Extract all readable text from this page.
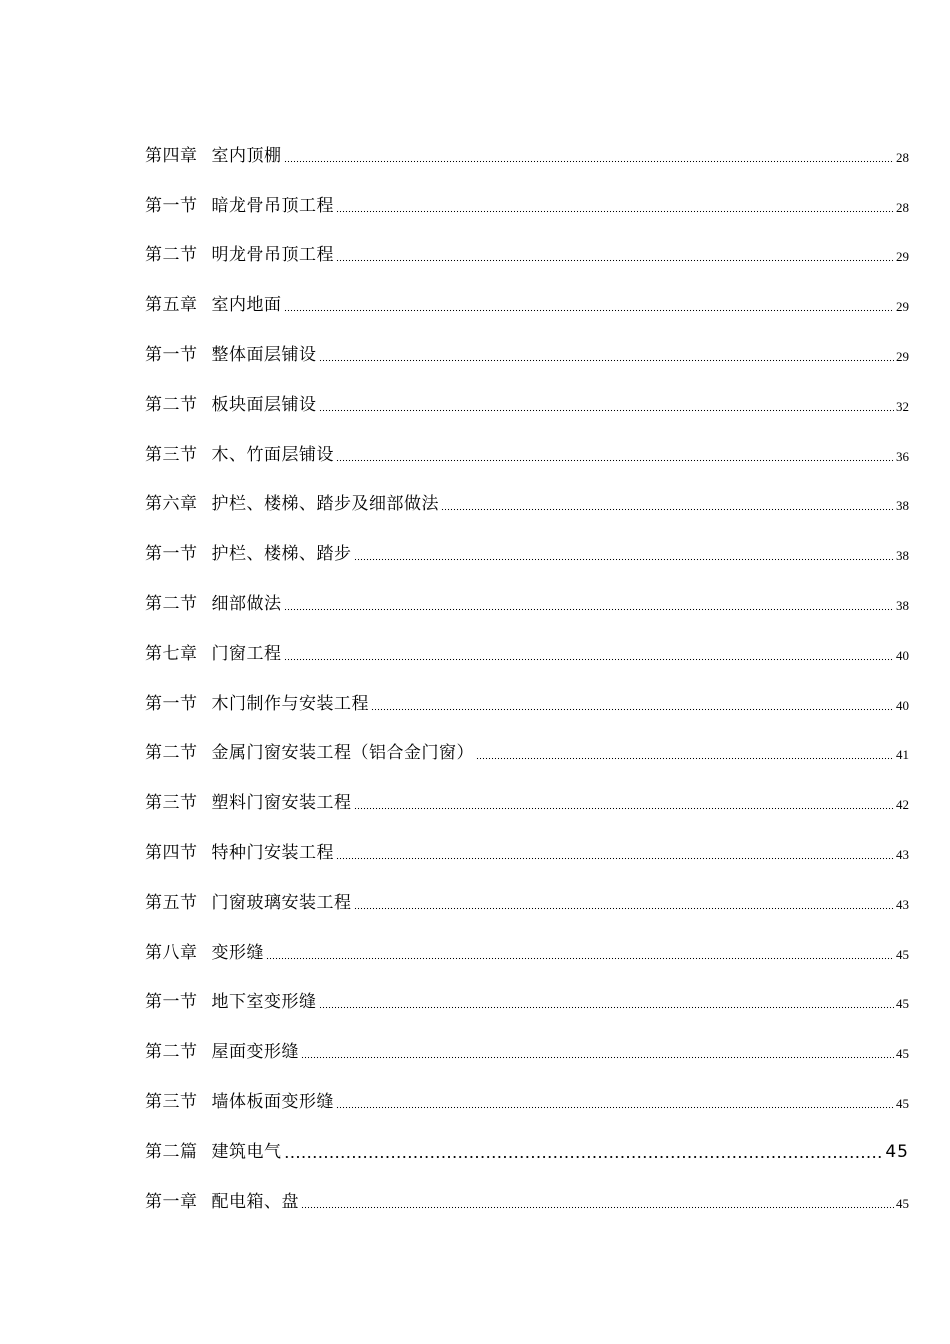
第四章 室内顶棚	28
第一节 暗龙骨吊顶工程	28
第二节 明龙骨吊顶工程	29
第五章 室内地面	29
第一节 整体面层铺设	29
第二节 板块面层铺设	32
第三节 木、竹面层铺设	36
第六章 护栏、楼梯、踏步及细部做法	38
第一节 护栏、楼梯、踏步	38
第二节 细部做法	38
第七章 门窗工程	40
第一节 木门制作与安装工程	40
第二节 金属门窗安装工程（铝合金门窗）	41
第三节 塑料门窗安装工程	42
第四节 特种门安装工程	43
第五节 门窗玻璃安装工程	43
第八章 变形缝	45
第一节 地下室变形缝	45
第二节 屋面变形缝	45
第三节 墙体板面变形缝	45
第二篇 建筑电气	45
第一章 配电箱、盘	45
